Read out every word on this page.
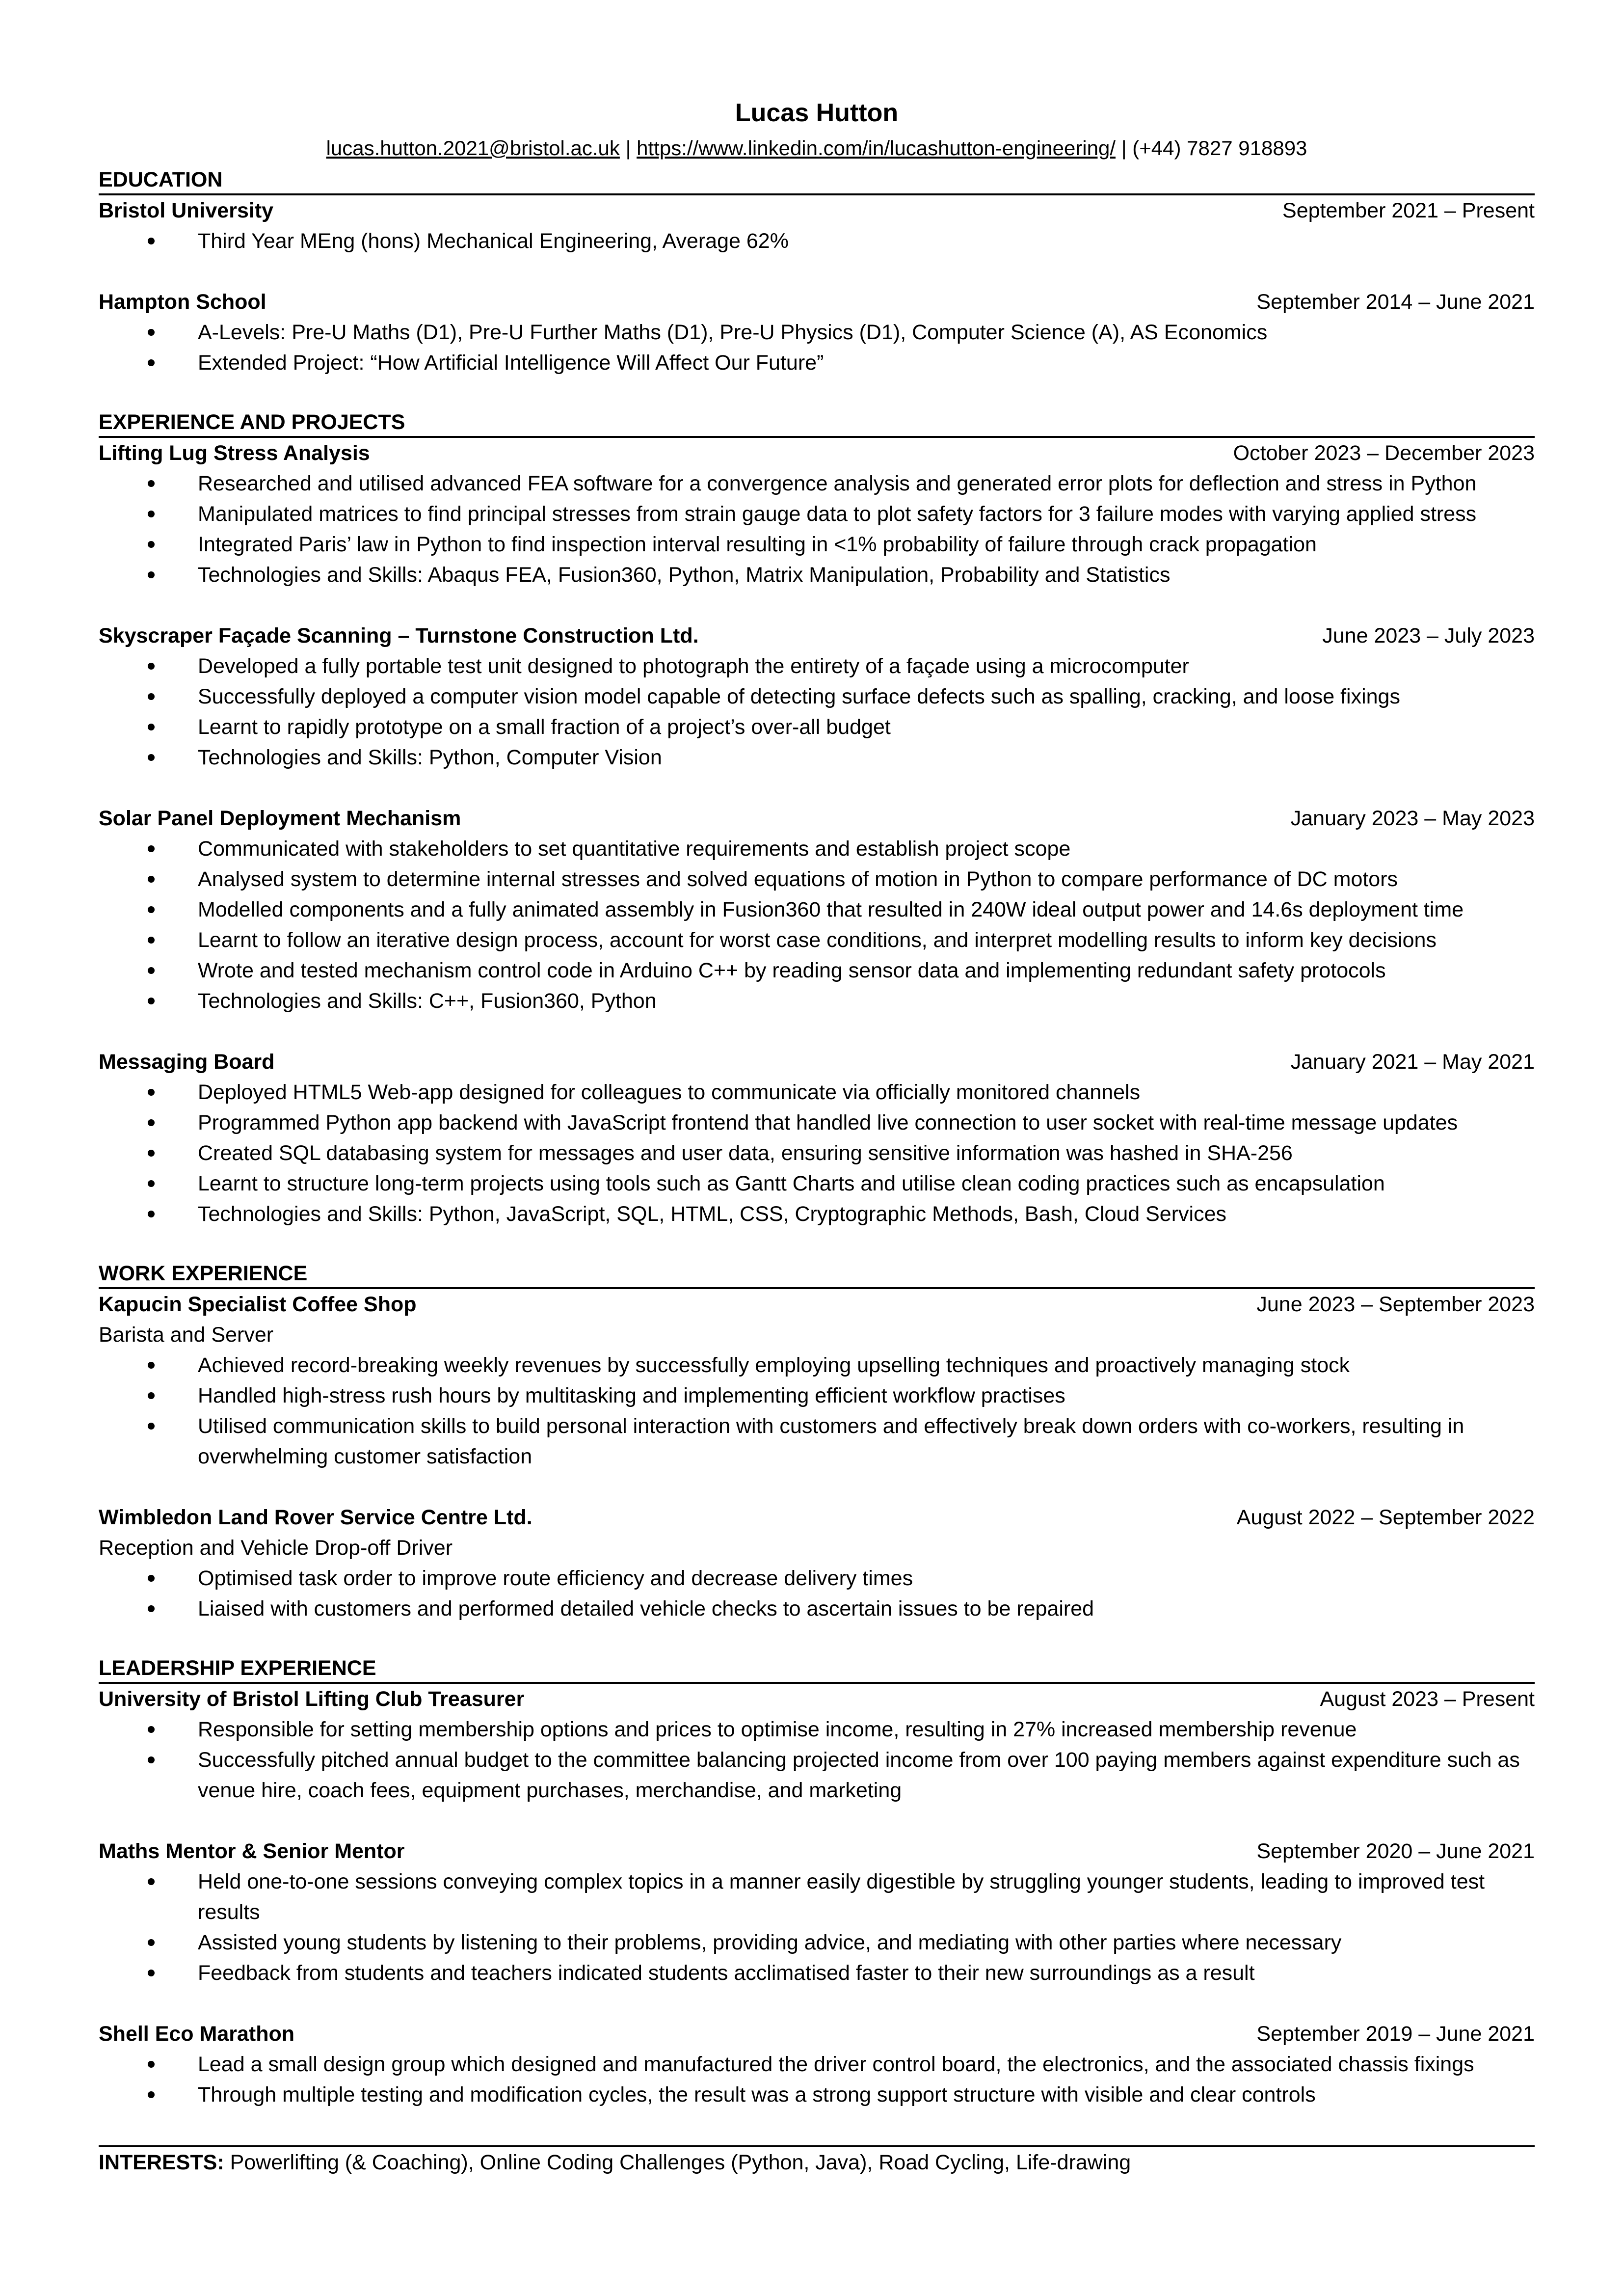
Lucas Hutton
lucas.hutton.2021@bristol.ac.uk | https://www.linkedin.com/in/lucashutton-engineering/ | (+44) 7827 918893
EDUCATION
Bristol University	September 2021 – Present
Third Year MEng (hons) Mechanical Engineering, Average 62%
Hampton School	September 2014 – June 2021
A-Levels: Pre-U Maths (D1), Pre-U Further Maths (D1), Pre-U Physics (D1), Computer Science (A), AS Economics
Extended Project: “How Artificial Intelligence Will Affect Our Future”
EXPERIENCE AND PROJECTS
Lifting Lug Stress Analysis	October 2023 – December 2023
Researched and utilised advanced FEA software for a convergence analysis and generated error plots for deflection and stress in Python
Manipulated matrices to find principal stresses from strain gauge data to plot safety factors for 3 failure modes with varying applied stress
Integrated Paris’ law in Python to find inspection interval resulting in <1% probability of failure through crack propagation
Technologies and Skills: Abaqus FEA, Fusion360, Python, Matrix Manipulation, Probability and Statistics
Skyscraper Façade Scanning – Turnstone Construction Ltd.	June 2023 – July 2023
Developed a fully portable test unit designed to photograph the entirety of a façade using a microcomputer
Successfully deployed a computer vision model capable of detecting surface defects such as spalling, cracking, and loose fixings
Learnt to rapidly prototype on a small fraction of a project’s over-all budget
Technologies and Skills: Python, Computer Vision
Solar Panel Deployment Mechanism	January 2023 – May 2023
Communicated with stakeholders to set quantitative requirements and establish project scope
Analysed system to determine internal stresses and solved equations of motion in Python to compare performance of DC motors
Modelled components and a fully animated assembly in Fusion360 that resulted in 240W ideal output power and 14.6s deployment time
Learnt to follow an iterative design process, account for worst case conditions, and interpret modelling results to inform key decisions
Wrote and tested mechanism control code in Arduino C++ by reading sensor data and implementing redundant safety protocols
Technologies and Skills: C++, Fusion360, Python
Messaging Board	January 2021 – May 2021
Deployed HTML5 Web-app designed for colleagues to communicate via officially monitored channels
Programmed Python app backend with JavaScript frontend that handled live connection to user socket with real-time message updates
Created SQL databasing system for messages and user data, ensuring sensitive information was hashed in SHA-256
Learnt to structure long-term projects using tools such as Gantt Charts and utilise clean coding practices such as encapsulation
Technologies and Skills: Python, JavaScript, SQL, HTML, CSS, Cryptographic Methods, Bash, Cloud Services
WORK EXPERIENCE
Kapucin Specialist Coffee Shop	June 2023 – September 2023
Barista and Server
Achieved record-breaking weekly revenues by successfully employing upselling techniques and proactively managing stock
Handled high-stress rush hours by multitasking and implementing efficient workflow practises
Utilised communication skills to build personal interaction with customers and effectively break down orders with co-workers, resulting in overwhelming customer satisfaction
Wimbledon Land Rover Service Centre Ltd.	August 2022 – September 2022
Reception and Vehicle Drop-off Driver
Optimised task order to improve route efficiency and decrease delivery times
Liaised with customers and performed detailed vehicle checks to ascertain issues to be repaired
LEADERSHIP EXPERIENCE
University of Bristol Lifting Club Treasurer	August 2023 – Present
Responsible for setting membership options and prices to optimise income, resulting in 27% increased membership revenue
Successfully pitched annual budget to the committee balancing projected income from over 100 paying members against expenditure such as venue hire, coach fees, equipment purchases, merchandise, and marketing
Maths Mentor & Senior Mentor	September 2020 – June 2021
Held one-to-one sessions conveying complex topics in a manner easily digestible by struggling younger students, leading to improved test results
Assisted young students by listening to their problems, providing advice, and mediating with other parties where necessary
Feedback from students and teachers indicated students acclimatised faster to their new surroundings as a result
Shell Eco Marathon	September 2019 – June 2021
Lead a small design group which designed and manufactured the driver control board, the electronics, and the associated chassis fixings
Through multiple testing and modification cycles, the result was a strong support structure with visible and clear controls
INTERESTS: Powerlifting (& Coaching), Online Coding Challenges (Python, Java), Road Cycling, Life-drawing
